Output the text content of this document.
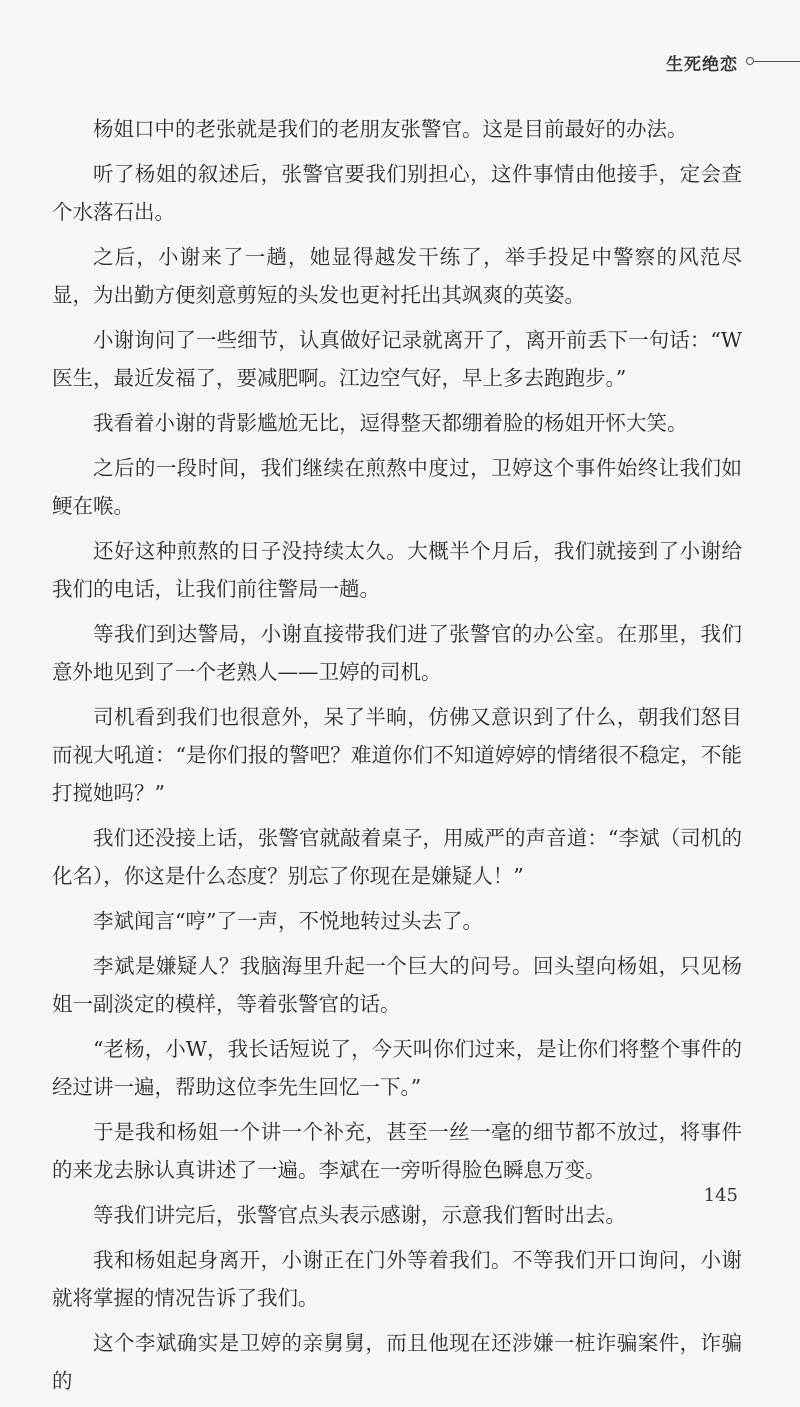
生死绝恋

杨姐口中的老张就是我们的老朋友张警官。这是目前最好的办法。

听了杨姐的叙述后，张警官要我们别担心，这件事情由他接手，定会查个水落石出。

之后，小谢来了一趟，她显得越发干练了，举手投足中警察的风范尽显，为出勤方便刻意剪短的头发也更衬托出其飒爽的英姿。

小谢询问了一些细节，认真做好记录就离开了，离开前丢下一句话：“W医生，最近发福了，要减肥啊。江边空气好，早上多去跑跑步。”

我看着小谢的背影尴尬无比，逗得整天都绷着脸的杨姐开怀大笑。

之后的一段时间，我们继续在煎熬中度过，卫婷这个事件始终让我们如鲠在喉。

还好这种煎熬的日子没持续太久。大概半个月后，我们就接到了小谢给我们的电话，让我们前往警局一趟。

等我们到达警局，小谢直接带我们进了张警官的办公室。在那里，我们意外地见到了一个老熟人——卫婷的司机。

司机看到我们也很意外，呆了半晌，仿佛又意识到了什么，朝我们怒目而视大吼道：“是你们报的警吧？难道你们不知道婷婷的情绪很不稳定，不能打搅她吗？”

我们还没接上话，张警官就敲着桌子，用威严的声音道：“李斌（司机的化名），你这是什么态度？别忘了你现在是嫌疑人！”

李斌闻言“哼”了一声，不悦地转过头去了。

李斌是嫌疑人？我脑海里升起一个巨大的问号。回头望向杨姐，只见杨姐一副淡定的模样，等着张警官的话。

“老杨，小W，我长话短说了，今天叫你们过来，是让你们将整个事件的经过讲一遍，帮助这位李先生回忆一下。”

于是我和杨姐一个讲一个补充，甚至一丝一毫的细节都不放过，将事件的来龙去脉认真讲述了一遍。李斌在一旁听得脸色瞬息万变。

等我们讲完后，张警官点头表示感谢，示意我们暂时出去。

我和杨姐起身离开，小谢正在门外等着我们。不等我们开口询问，小谢就将掌握的情况告诉了我们。

这个李斌确实是卫婷的亲舅舅，而且他现在还涉嫌一桩诈骗案件，诈骗的

145
